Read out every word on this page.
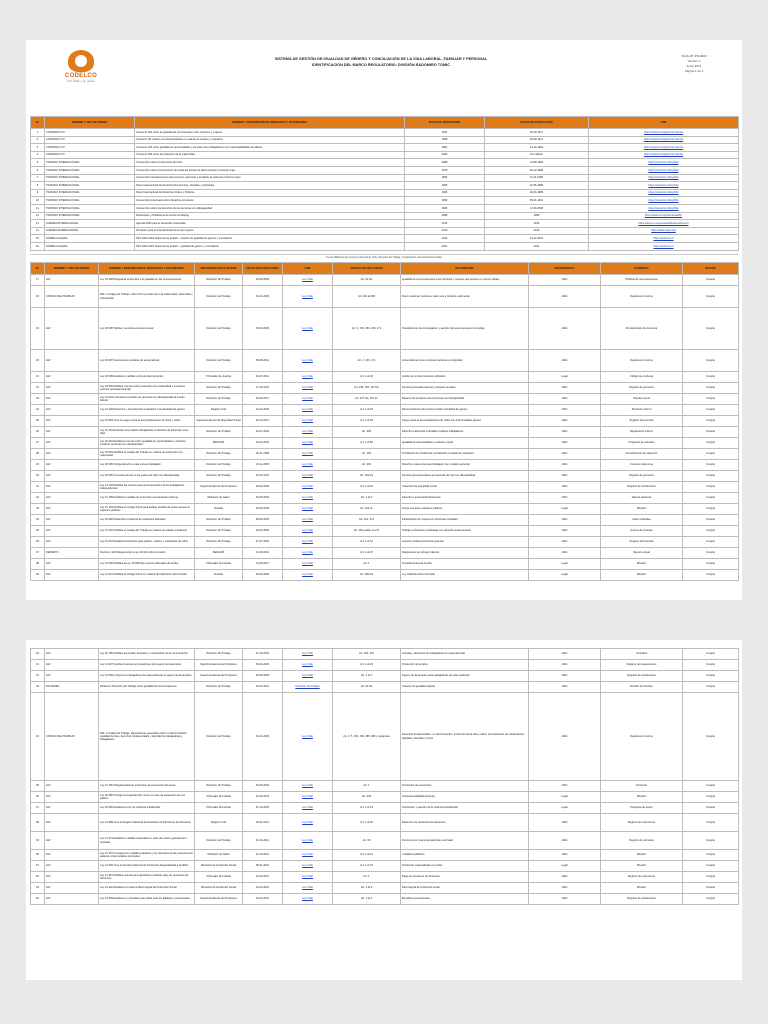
CODELCO
Por Chile y su gente
SISTEMA DE GESTIÓN DE IGUALDAD DE GÉNERO Y CONCILIACIÓN DE LA VIDA LABORAL, FAMILIAR Y PERSONAL
IDENTIFICACIÓN DEL MARCO REGULATORIO: DIVISIÓN RADOMIRO TOMIC
SGIG-RT-PR-0003
Versión 1
Junio 2021
Página 1 de 1
N°	NOMBRE Y TIPO DE NORMA	NOMBRE Y DESCRIPCIÓN DE REQUISITOS Y ESTÁNDARES	FECHA DE APROBACIÓN	FECHA DE PUBLICACIÓN	LINK
1	CONVENIO OIT	Convenio 100 sobre la igualdad de remuneración entre hombres y mujeres	1951	20-09-1971	https://www.ilo.org/dyn/normlex/es
2	CONVENIO OIT	Convenio 111 relativo a la discriminación en materia de empleo y ocupación	1958	20-09-1971	https://www.ilo.org/dyn/normlex/es
3	CONVENIO OIT	Convenio 156 sobre igualdad de oportunidades y de trato entre trabajadores con responsabilidades familiares	1981	14-10-1994	https://www.ilo.org/dyn/normlex/es
4	CONVENIO OIT	Convenio 183 sobre la protección de la maternidad	2000	Sin ratificar	https://www.ilo.org/dyn/normlex/es
5	TRATADO INTERNACIONAL	Convención sobre los derechos del niño	1989	14-08-1990	https://www.bcn.cl/leychile
6	TRATADO INTERNACIONAL	Convención sobre la eliminación de todas las formas de discriminación contra la mujer	1979	09-12-1989	https://www.bcn.cl/leychile
7	TRATADO INTERNACIONAL	Convención Interamericana para prevenir, sancionar y erradicar la violencia contra la mujer	1994	11-11-1998	https://www.bcn.cl/leychile
8	TRATADO INTERNACIONAL	Pacto Internacional de Derechos Económicos, Sociales y Culturales	1966	27-05-1989	https://www.bcn.cl/leychile
9	TRATADO INTERNACIONAL	Pacto Internacional de Derechos Civiles y Políticos	1966	29-04-1989	https://www.bcn.cl/leychile
10	TRATADO INTERNACIONAL	Convención Americana sobre Derechos Humanos	1969	05-01-1991	https://www.bcn.cl/leychile
11	TRATADO INTERNACIONAL	Convención sobre los derechos de las personas con discapacidad	2006	17-09-2008	https://www.bcn.cl/leychile
12	TRATADO INTERNACIONAL	Declaración y Plataforma de Acción de Beijing	1995	1995	https://www.un.org/womenwatch
13	AGENDA INTERNACIONAL	Agenda 2030 para el Desarrollo Sostenible	2015	2015	https://www.un.org/sustainabledevelopment
14	AGENDA INTERNACIONAL	Principios para el empoderamiento de las mujeres	2010	2010	https://www.weps.org
15	NORMA CHILENA	NCh 3262:2012 Sistemas de gestión - Gestión de igualdad de género y conciliación	2012	14-12-2012	https://www.inn.cl
16	NORMA CHILENA	NCh 3262:2021 Sistemas de gestión - Igualdad de género y conciliación	2021	2021	https://www.inn.cl
Fuente: Biblioteca del Congreso Nacional de Chile, Dirección del Trabajo y Organización Internacional del Trabajo
N°	NOMBRE Y TIPO DE NORMA	NOMBRE Y DESCRIPCIÓN DE REQUISITOS Y ESTÁNDARES	ORGANISMO FISCALIZADOR	FECHA DE PUBLICACIÓN	LINK	ARTÍCULOS APLICABLES	DESCRIPCIÓN	RESPONSABLE	EVIDENCIA	ESTADO
17	LEY	Ley 20.348 Resguarda el derecho a la igualdad en las remuneraciones	Dirección del Trabajo	19-06-2009	Ley Chile	Art. 62 bis	Igualdad de remuneraciones entre hombres y mujeres que presten un mismo trabajo	GRH	Políticas de remuneraciones	Cumple
18	CÓDIGO DEL TRABAJO	DFL 1 Código del Trabajo, Libro II De la protección a la maternidad, paternidad y vida familiar	Dirección del Trabajo	16-01-2003	Ley Chile	Art. 194 al 208	Fuero maternal, permisos, sala cuna y derecho a alimentar	GRH	Reglamento interno	Cumple
19	LEY	Ley 20.005 Tipifica y sanciona el acoso sexual	Dirección del Trabajo	18-03-2005	Ley Chile	Art. 2, 153, 154, 168, 171	Procedimiento de investigación y sanción del acoso sexual en el trabajo	GRH	Procedimiento de denuncia	Cumple
20	LEY	Ley 20.607 Sanciona las prácticas de acoso laboral	Dirección del Trabajo	08-08-2012	Ley Chile	Art. 2, 160, 171	Acoso laboral como conducta contraria a la dignidad	GRH	Reglamento interno	Cumple
21	LEY	Ley 20.609 Establece medidas contra la discriminación	Tribunales de Justicia	24-07-2012	Ley Chile	Art. 1 al 18	Acción de no discriminación arbitraria	Legal	Código de conducta	Cumple
22	LEY	Ley 20.545 Modifica normas sobre protección a la maternidad e incorpora permiso postnatal parental	Dirección del Trabajo	17-10-2011	Ley Chile	Art. 195, 196, 197 bis	Permiso postnatal parental y traspaso al padre	GRH	Registro de permisos	Cumple
23	LEY	Ley 21.015 Incentiva la inclusión de personas con discapacidad al mundo laboral	Dirección del Trabajo	15-06-2017	Ley Chile	Art. 157 bis, 157 ter	Reserva de empleos para personas con discapacidad	GRH	Reporte anual	Cumple
24	LEY	Ley 21.120 Reconoce y da protección al derecho a la identidad de género	Registro Civil	10-12-2018	Ley Chile	Art. 1 al 26	Reconocimiento del nombre social e identidad de género	GRH	Protocolo interno	Cumple
25	LEY	Ley 21.063 Crea un seguro para el acompañamiento de niños y niñas	Superintendencia de Seguridad Social	30-12-2017	Ley Chile	Art. 1 al 30	Seguro para el acompañamiento de niños con enfermedades graves	GRH	Registro de licencias	Cumple
26	LEY	Ley 20.761 Extiende a los padres trabajadores el derecho de alimentar a sus hijos	Dirección del Trabajo	22-07-2014	Ley Chile	Art. 206	Derecho a alimentar extendido a padres trabajadores	GRH	Reglamento interno	Cumple
27	LEY	Ley 20.422 Establece normas sobre igualdad de oportunidades e inclusión social de personas con discapacidad	SENADIS	10-02-2010	Ley Chile	Art. 1 al 80	Igualdad de oportunidades e inclusión social	GRH	Programa de inclusión	Cumple
28	LEY	Ley 19.591 Modifica el Código del Trabajo en materia de protección a la maternidad	Dirección del Trabajo	09-11-1998	Ley Chile	Art. 194	Prohibición de condicionar contratación a estado de embarazo	GRH	Procedimiento de selección	Cumple
29	LEY	Ley 20.399 Otorga derecho a sala cuna al trabajador	Dirección del Trabajo	23-11-2009	Ley Chile	Art. 203	Derecho a sala cuna para trabajador con cuidado personal	GRH	Convenio sala cuna	Cumple
30	LEY	Ley 20.535 Concede permiso a los padres de hijos con discapacidad	Dirección del Trabajo	03-10-2011	Ley Chile	Art. 199 bis	Permiso para ausentarse por atención de hijo con discapacidad	GRH	Registro de permisos	Cumple
31	LEY	Ley 21.133 Modifica las normas para la incorporación de los trabajadores independientes	Superintendencia de Pensiones	02-02-2019	Ley Chile	Art. 1 al 20	Cobertura de seguridad social	GRH	Registro de cotizaciones	Cumple
32	LEY	Ley 21.155 Establece medidas de protección a la lactancia materna	Ministerio de Salud	02-05-2019	Ley Chile	Art. 1 al 6	Derecho a amamantar libremente	GRH	Sala de lactancia	Cumple
33	LEY	Ley 21.153 Modifica el Código Penal para tipificar el delito de acoso sexual en espacios públicos	Fiscalía	03-05-2019	Ley Chile	Art. 494 ter	Acoso sexual en espacios públicos	Legal	Difusión	Cumple
34	LEY	Ley 20.940 Moderniza el sistema de relaciones laborales	Dirección del Trabajo	08-09-2016	Ley Chile	Art. 231, 272	Participación de mujeres en directivas sindicales	GRH	Actas sindicales	Cumple
35	LEY	Ley 21.220 Modifica el Código del Trabajo en materia de trabajo a distancia	Dirección del Trabajo	26-03-2020	Ley Chile	Art. 152 quáter G al O	Trabajo a distancia y teletrabajo con derecho a desconexión	GRH	Anexos de contrato	Cumple
36	LEY	Ley 21.247 Establece beneficios para padres, madres y cuidadores de niños	Dirección del Trabajo	27-07-2020	Ley Chile	Art. 1 al 12	Licencia médica preventiva parental	GRH	Registro de licencias	Cumple
37	DECRETO	Decreto 1.229 Reglamenta la Ley 20.422 sobre inclusión	SENADIS	12-03-2013	Ley Chile	Art. 1 al 15	Reglamento de inclusión laboral	GRH	Reporte anual	Cumple
38	LEY	Ley 21.009 Modifica la Ley 19.968 que crea los tribunales de familia	Tribunales de Familia	14-05-2017	Ley Chile	Art. 1	Procedimientos de familia	Legal	Difusión	Cumple
39	LEY	Ley 21.212 Modifica el Código Penal en materia de tipificación del femicidio	Fiscalía	04-03-2020	Ley Chile	Art. 390 bis	Ley Gabriela sobre femicidio	Legal	Difusión	Cumple
40	LEY	Ley 20.786 Modifica la jornada, descanso y composición de la remuneración	Dirección del Trabajo	27-10-2014	Ley Chile	Art. 150, 151	Jornada y descanso de trabajadoras de casa particular	GRH	Contratos	Cumple
41	LEY	Ley 21.227 Faculta el acceso a prestaciones del seguro de desempleo	Superintendencia de Pensiones	06-04-2020	Ley Chile	Art. 1 al 29	Protección del empleo	GRH	Registro de suspensiones	Cumple
42	LEY	Ley 21.269 Incorpora a trabajadores de casa particular al seguro de desempleo	Superintendencia de Pensiones	29-09-2020	Ley Chile	Art. 1 al 5	Seguro de desempleo para trabajadoras de casa particular	GRH	Registro de cotizaciones	Cumple
43	DICTAMEN	Dictamen Dirección del Trabajo sobre igualdad de remuneraciones	Dirección del Trabajo	15-01-2021	Dirección del Trabajo	Art. 62 bis	Criterios de igualdad salarial	GRH	Estudio de brechas	Cumple
44	CÓDIGO DEL TRABAJO	DFL 1 Código del Trabajo, disposiciones generales sobre no discriminación, igualdad de trato, derechos fundamentales y dignidad de trabajadoras y trabajadores	Dirección del Trabajo	16-01-2003	Ley Chile	Art. 2, 5, 154, 184, 485, 489 y siguientes	Derechos fundamentales, no discriminación, protección de la vida y salud, procedimiento de tutela laboral, dignidad, intimidad y honra	GRH	Reglamento interno	Cumple
45	LEY	Ley 21.156 Obligatoriedad de protocolos de prevención del acoso	Dirección del Trabajo	15-05-2019	Ley Chile	Art. 1	Protocolos de prevención	GRH	Protocolo	Cumple
46	LEY	Ley 20.680 Protege la integridad del menor en caso de separación de sus padres	Tribunales de Familia	21-06-2013	Ley Chile	Art. 225	Corresponsabilidad parental	Legal	Difusión	Cumple
47	LEY	Ley 20.066 Establece la ley de violencia intrafamiliar	Tribunales de Familia	07-10-2005	Ley Chile	Art. 1 al 23	Prevención y sanción de la violencia intrafamiliar	Legal	Programa de apoyo	Cumple
48	LEY	Ley 21.389 Crea el Registro Nacional de Deudores de Pensiones de Alimentos	Registro Civil	18-11-2021	Ley Chile	Art. 1 al 30	Retención de pensiones de alimentos	GRH	Registro de retenciones	Cumple
49	LEY	Ley 21.371 Establece medidas especiales en caso de muerte gestacional o perinatal	Dirección del Trabajo	02-10-2021	Ley Chile	Art. 66	Permisos por muerte gestacional o perinatal	GRH	Registro de permisos	Cumple
50	LEY	Ley 21.375 Consagra los cuidados paliativos y los derechos de las personas que padecen enfermedades terminales	Ministerio de Salud	21-10-2021	Ley Chile	Art. 1 al 12	Cuidados paliativos	GRH	Difusión	Cumple
51	LEY	Ley 21.302 Crea el Servicio Nacional de Protección Especializada a la Niñez	Ministerio de Desarrollo Social	05-01-2021	Ley Chile	Art. 1 al 70	Protección especializada a la niñez	Legal	Difusión	Cumple
52	LEY	Ley 21.351 Modifica normas para garantizar el debido pago de pensiones de alimentos	Tribunales de Familia	15-06-2021	Ley Chile	Art. 1	Pago de pensiones de alimentos	GRH	Registro de retenciones	Cumple
53	LEY	Ley 21.322 Establece el sistema Red Integral de Protección Social	Ministerio de Desarrollo Social	19-04-2021	Ley Chile	Art. 1 al 9	Red integral de protección social	GRH	Difusión	Cumple
54	LEY	Ley 21.309 Establece un beneficio que indica para los afiliados y pensionados	Superintendencia de Pensiones	01-02-2021	Ley Chile	Art. 1 al 4	Beneficios previsionales	GRH	Registro de cotizaciones	Cumple
